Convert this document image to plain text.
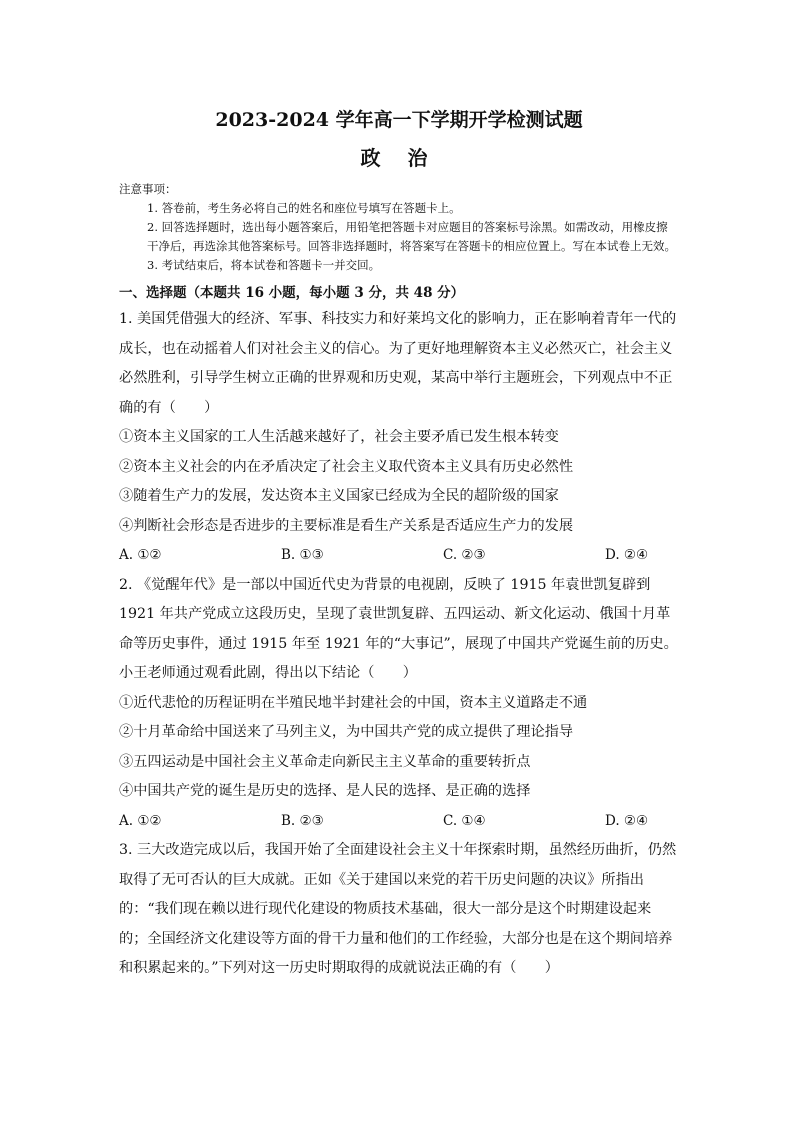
2023-2024 学年高一下学期开学检测试题
政 治
注意事项：
1. 答卷前，考生务必将自己的姓名和座位号填写在答题卡上。
2. 回答选择题时，选出每小题答案后，用铅笔把答题卡对应题目的答案标号涂黑。如需改动，用橡皮擦干净后，再选涂其他答案标号。回答非选择题时，将答案写在答题卡的相应位置上。写在本试卷上无效。
3. 考试结束后，将本试卷和答题卡一并交回。
一、选择题（本题共 16 小题，每小题 3 分，共 48 分）

1. 美国凭借强大的经济、军事、科技实力和好莱坞文化的影响力，正在影响着青年一代的成长，也在动摇着人们对社会主义的信心。为了更好地理解资本主义必然灭亡，社会主义必然胜利，引导学生树立正确的世界观和历史观，某高中举行主题班会，下列观点中不正确的有（　　）

①资本主义国家的工人生活越来越好了，社会主要矛盾已发生根本转变
②资本主义社会的内在矛盾决定了社会主义取代资本主义具有历史必然性
③随着生产力的发展，发达资本主义国家已经成为全民的超阶级的国家
④判断社会形态是否进步的主要标准是看生产关系是否适应生产力的发展
A. ①②	B. ①③	C. ②③	D. ②④

2. 《觉醒年代》是一部以中国近代史为背景的电视剧，反映了 1915 年袁世凯复辟到 1921 年共产党成立这段历史，呈现了袁世凯复辟、五四运动、新文化运动、俄国十月革命等历史事件，通过 1915 年至 1921 年的“大事记”，展现了中国共产党诞生前的历史。小王老师通过观看此剧，得出以下结论（　　）

①近代悲怆的历程证明在半殖民地半封建社会的中国，资本主义道路走不通
②十月革命给中国送来了马列主义，为中国共产党的成立提供了理论指导
③五四运动是中国社会主义革命走向新民主主义革命的重要转折点
④中国共产党的诞生是历史的选择、是人民的选择、是正确的选择
A. ①②	B. ②③	C. ①④	D. ②④

3. 三大改造完成以后，我国开始了全面建设社会主义十年探索时期，虽然经历曲折，仍然取得了无可否认的巨大成就。正如《关于建国以来党的若干历史问题的决议》所指出的：“我们现在赖以进行现代化建设的物质技术基础，很大一部分是这个时期建设起来的；全国经济文化建设等方面的骨干力量和他们的工作经验，大部分也是在这个期间培养和积累起来的。”下列对这一历史时期取得的成就说法正确的有（　　）
